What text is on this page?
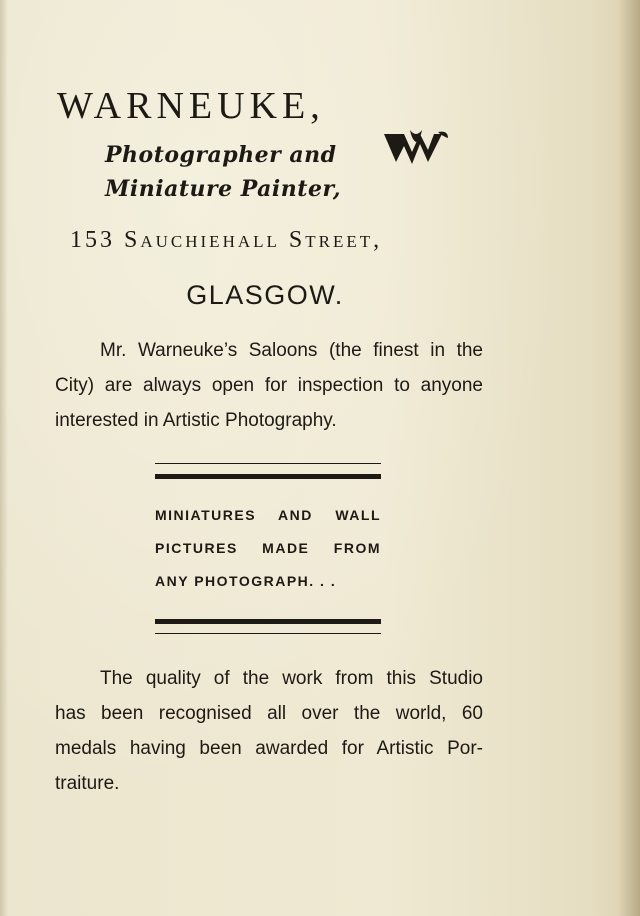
WARNEUKE,
Photographer and
Miniature Painter,
153 Sauchiehall Street,
GLASGOW.
Mr. Warneuke’s Saloons (the finest in the
City) are always open for inspection to anyone
interested in Artistic Photography.
MINIATURES AND WALL
PICTURES MADE FROM
ANY PHOTOGRAPH. . .
The quality of the work from this Studio
has been recognised all over the world, 60
medals having been awarded for Artistic Por-
traiture.
